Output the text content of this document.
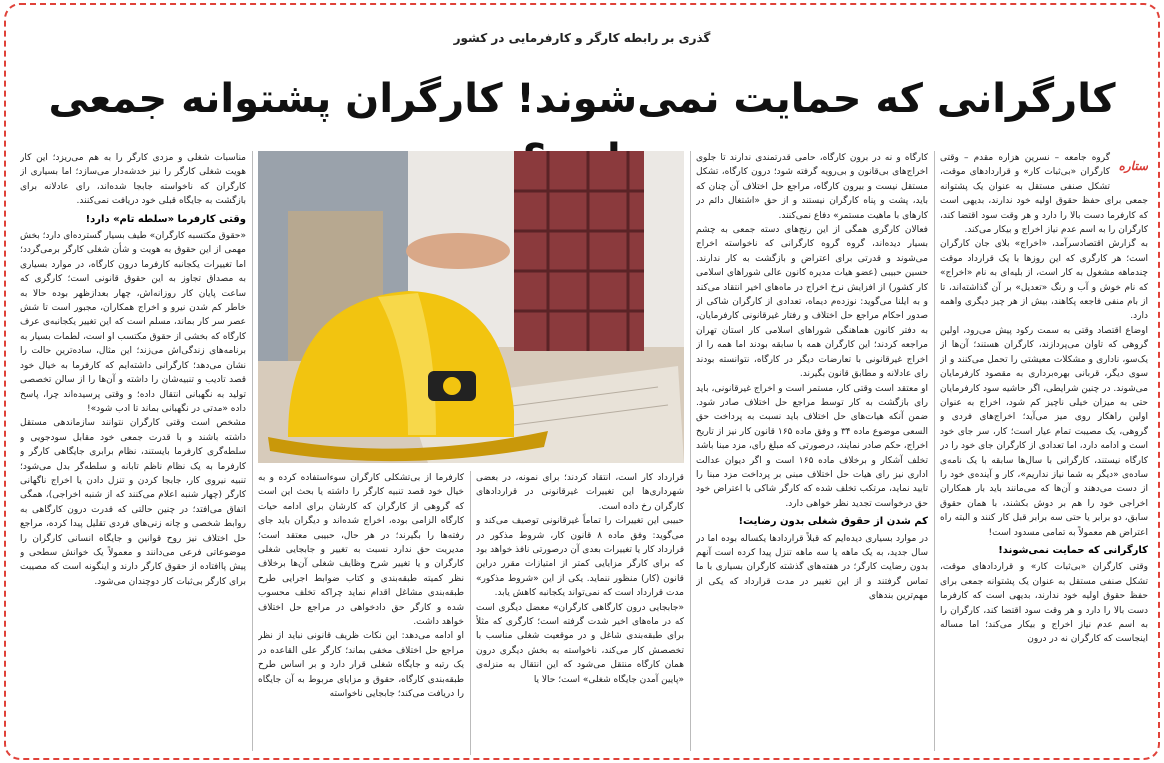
گذری بر رابطه کارگر و کارفرمایی در کشور
کارگرانی که حمایت نمی‌شوند! کارگران پشتوانه جمعی
ستاره

گروه جامعه – نسرین هزاره مقدم – وقتی کارگران «بی‌ثبات کار» و قراردادهای موقت، تشکل صنفی مستقل به عنوان یک پشتوانه جمعی برای حفظ حقوق اولیه خود ندارند، بدیهی است که کارفرما دست بالا را دارد و هر وقت سود اقتضا کند، کارگران را به اسم عدم نیاز اخراج و بیکار می‌کند.

به گزارش اقتصادسرآمد، «اخراج» بلای جان کارگران است؛ هر کارگری که این روزها با یک قرارداد موقت چندماهه مشغول به کار است، از بلیه‌ای به نام «اخراج» که نام خوش و آب و رنگ «تعدیل» بر آن گذاشته‌اند، تا از بام منفی فاجعه پکاهند، بیش از هر چیز دیگری واهمه دارد.

اوضاع اقتصاد وقتی به سمت رکود پیش می‌رود، اولین گروهی که تاوان می‌پردازند، کارگران هستند؛ آن‌ها از یک‌سو، ناداری و مشکلات معیشتی را تحمل می‌کنند و از سوی دیگر، قربانی بهره‌برداری به مقصود کارفرمایان می‌شوند. در چنین شرایطی، اگر حاشیه سود کارفرمایان حتی به میزان خیلی ناچیز کم شود، اخراج به عنوان اولین راهکار روی میز می‌آید؛ اخراج‌های فردی و گروهی، یک مصیبت تمام عیار است؛ کار، سر جای خود است و ادامه دارد، اما تعدادی از کارگران جای خود را در کارگاه نیستند، کارگرانی با سال‌ها سابقه با یک نامه‌ی ساده‌ی «دیگر به شما نیاز نداریم»، کار و آینده‌ی خود را از دست می‌دهند و آن‌ها که می‌مانند باید بار همکاران اخراجی خود را هم بر دوش بکشند، با همان حقوق سابق، دو برابر یا حتی سه برابر قبل کار کنند و البته راه اعتراض هم معمولاً به تمامی مسدود است!

کارگرانی که حمایت نمی‌شوند!

وقتی کارگران «بی‌ثبات کار» و قراردادهای موقت، تشکل صنفی مستقل به عنوان یک پشتوانه جمعی برای حفظ حقوق اولیه خود ندارند، بدیهی است که کارفرما دست بالا را دارد و هر وقت سود اقتضا کند، کارگران را به اسم عدم نیاز اخراج و بیکار می‌کند؛ اما مساله اینجاست که کارگران نه در درون

کارگاه و نه در برون کارگاه، حامی قدرتمندی ندارند تا جلوی اخراج‌های بی‌قانون و بی‌رویه گرفته شود؛ درون کارگاه، تشکل مستقل نیست و بیرون کارگاه، مراجع حل اختلاف آن چنان که باید، پشت و پناه کارگران نیستند و از حق «اشتغال دائم در کارهای با ماهیت مستمر» دفاع نمی‌کنند.

فعالان کارگری همگی از این رنج‌های دسته جمعی به چشم بسیار دیده‌اند، گروه گروه کارگرانی که ناخواسته اخراج می‌شوند و قدرتی برای اعتراض و بازگشت به کار ندارند. حسین حبیبی (عضو هیات مدیره کانون عالی شوراهای اسلامی کار کشور) از افزایش نرخ اخراج در ماه‌های اخیر انتقاد می‌کند و به ایلنا می‌گوید: نوزده‌م دیماه، تعدادی از کارگران شاکی از صدور احکام مراجع حل اختلاف و رفتار غیرقانونی کارفرمایان، به دفتر کانون هماهنگی شوراهای اسلامی کار استان تهران مراجعه کردند؛ این کارگران همه با سابقه بودند اما همه را از اخراج غیرقانونی با تعارضات دیگر در کارگاه، نتوانسته بودند رای عادلانه و مطابق قانون بگیرند.

او معتقد است وقتی کار، مستمر است و اخراج غیرقانونی، باید رای بازگشت به کار توسط مراجع حل اختلاف صادر شود. ضمن آنکه هیات‌های حل اختلاف باید نسبت به پرداخت حق السعی موضوع ماده ۳۴ و وفق ماده ۱۶۵ قانون کار نیز از تاریخ اخراج، حکم صادر نمایند، درصورتی که مبلغ رای، مزد مبنا باشد تخلف آشکار و برخلاف ماده ۱۶۵ است و اگر دیوان عدالت اداری نیز رای هیات حل اختلاف مبنی بر پرداخت مزد مبنا را تایید نماید، مرتکب تخلف شده که کارگر شاکی با اعتراض خود حق درخواست تجدید نظر خواهی دارد.

کم شدن از حقوق شغلی بدون رضایت!

در موارد بسیاری دیده‌ایم که قبلاً قراردادها یکساله بوده اما در سال جدید، به یک ماهه یا سه ماهه تنزل پیدا کرده است آنهم بدون رضایت کارگر؛ در هفته‌های گذشته کارگران بسیاری با ما تماس گرفتند و از این تغییر در مدت قرارداد که یکی از مهم‌ترین بندهای

قرارداد کار است، انتقاد کردند؛ برای نمونه، در بعضی شهرداری‌ها این تغییرات غیرقانونی در قراردادهای کارگران رخ داده است.

حبیبی این تغییرات را تماماً غیرقانونی توصیف می‌کند و می‌گوید: وفق ماده ۸ قانون کار، شروط مذکور در قرارداد کار یا تغییرات بعدی آن درصورتی نافذ خواهد بود که برای کارگر مزایایی کمتر از امتیازات مقرر دراین قانون (کار) منظور ننماید. یکی از این «شروط مذکور» مدت قرارداد است که نمی‌تواند یکجانبه کاهش یابد.

«جابجایی درون کارگاهی کارگران» معضل دیگری است که در ماه‌های اخیر شدت گرفته است؛ کارگری که مثلاً برای طبقه‌بندی شاغل و در موقعیت شغلی مناسب با تخصصش کار می‌کند، ناخواسته به بخش دیگری درون همان کارگاه منتقل می‌شود که این انتقال به منزله‌ی «پایین آمدن جایگاه شغلی» است؛ حالا یا

کارفرما از بی‌تشکلی کارگران سوءاستفاده کرده و به خیال خود قصد تنبیه کارگر را داشته یا بحث این است که گروهی از کارگران که کارشان برای ادامه حیات کارگاه الزامی بوده، اخراج شده‌اند و دیگران باید جای رفته‌ها را بگیرند؛ در هر حال، حبیبی معتقد است؛ مدیریت حق ندارد نسبت به تغییر و جابجایی شغلی کارگران و یا تغییر شرح وظایف شغلی آن‌ها برخلاف نظر کمیته طبقه‌بندی و کتاب ضوابط اجرایی طرح طبقه‌بندی مشاغل اقدام نماید چراکه تخلف محسوب شده و کارگر حق دادخواهی در مراجع حل اختلاف خواهد داشت.

او ادامه می‌دهد: این نکات ظریف قانونی نباید از نظر مراجع حل اختلاف مخفی بماند؛ کارگر علی القاعده در یک رتبه و جایگاه شغلی قرار دارد و بر اساس طرح طبقه‌بندی کارگاه، حقوق و مزایای مربوط به آن جایگاه را دریافت می‌کند؛ جابجایی ناخواسته

مناسبات شغلی و مزدی کارگر را به هم می‌ریزد؛ این کار هویت شغلی کارگر را نیز خدشه‌دار می‌سازد؛ اما بسیاری از کارگران که ناخواسته جابجا شده‌اند، رای عادلانه برای بازگشت به جایگاه قبلی خود دریافت نمی‌کنند.

وقتی کارفرما «سلطه تام» دارد!

«حقوق مکتسبه کارگران» طیف بسیار گسترده‌ای دارد؛ بخش مهمی از این حقوق به هویت و شأن شغلی کارگر برمی‌گردد؛ اما تغییرات یکجانبه کارفرما درون کارگاه، در موارد بسیاری به مصداق تجاوز به این حقوق قانونی است؛ کارگری که ساعت پایان کار روزانه‌اش، چهار بعدازظهر بوده حالا به خاطر کم شدن نیرو و اخراج همکاران، مجبور است تا شش عصر سر کار بماند، مسلم است که این تغییر یکجانبه‌ی عرف کارگاه که بخشی از حقوق مکتسب او است، لطمات بسیار به برنامه‌های زندگی‌اش می‌زند؛ این مثال، ساده‌ترین حالت را نشان می‌دهد؛ کارگرانی داشته‌ایم که کارفرما به خیال خود قصد تادیب و تنبیه‌شان را داشته و آن‌ها را از سالن تخصصی تولید به نگهبانی انتقال داده؛ و وقتی پرسیده‌اند چرا، پاسخ داده «مدتی در نگهبانی بماند تا ادب شود»!

مشخص است وقتی کارگران نتوانند سازماندهی مستقل داشته باشند و با قدرت جمعی خود مقابل سودجویی و سلطه‌گری کارفرما بایستند، نظام برابری جایگاهی کارگر و کارفرما به یک نظام ناظم تابانه و سلطه‌گر بدل می‌شود؛ تنبیه نیروی کار، جابجا کردن و تنزل دادن یا اخراج ناگهانی کارگر (چهار شنبه اعلام می‌کنند که از شنبه اخراجی)، همگی اتفاق می‌افتد؛ در چنین حالتی که قدرت درون کارگاهی به روابط شخصی و چانه زنی‌های فردی تقلیل پیدا کرده، مراجع حل اختلاف نیز روح قوانین و جایگاه انسانی کارگران را موضوعاتی فرعی می‌دانند و معمولاً یک خوانش سطحی و پیش پاافتاده از حقوق کارگر دارند و اینگونه است که مصیبت برای کارگر بی‌ثبات کار دوچندان می‌شود.
